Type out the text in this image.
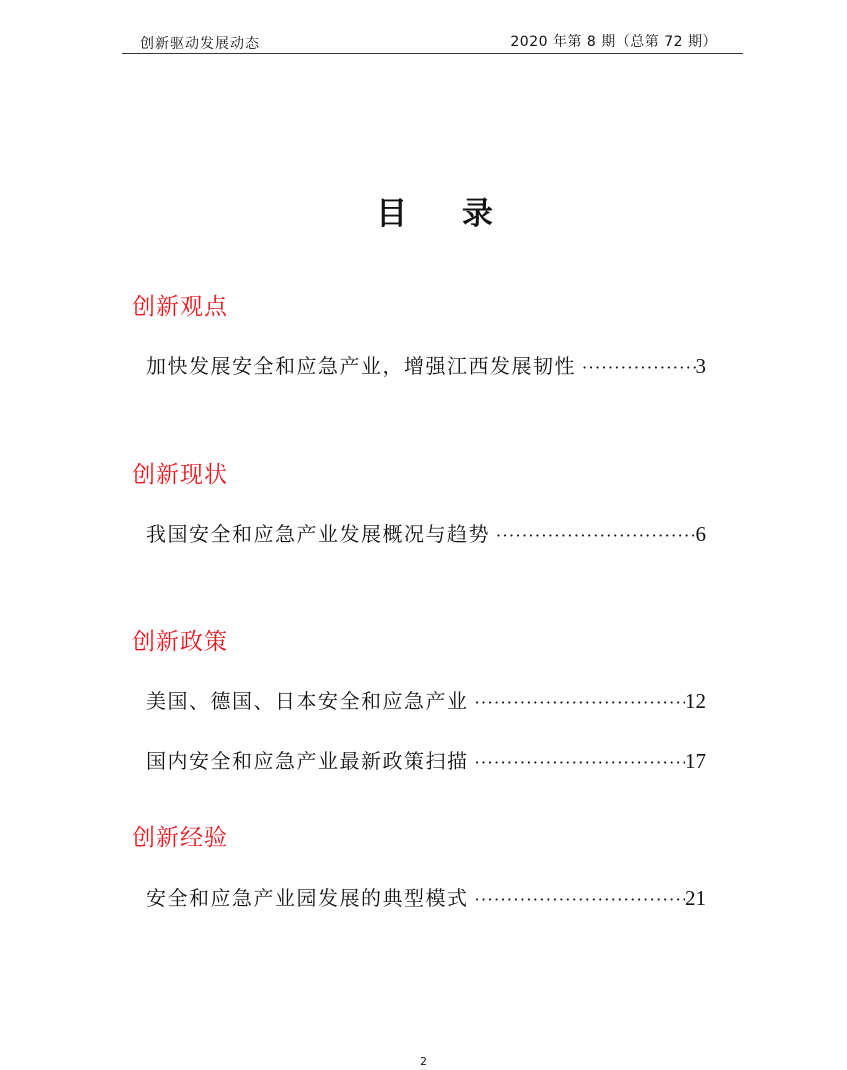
创新驱动发展动态	2020 年第 8 期（总第 72 期）
目 录
创新观点
加快发展安全和应急产业，增强江西发展韧性 ·····	3
创新现状
我国安全和应急产业发展概况与趋势 ·····	6
创新政策
美国、德国、日本安全和应急产业 ·····	12
国内安全和应急产业最新政策扫描 ·····	17
创新经验
安全和应急产业园发展的典型模式 ·····	21
2
